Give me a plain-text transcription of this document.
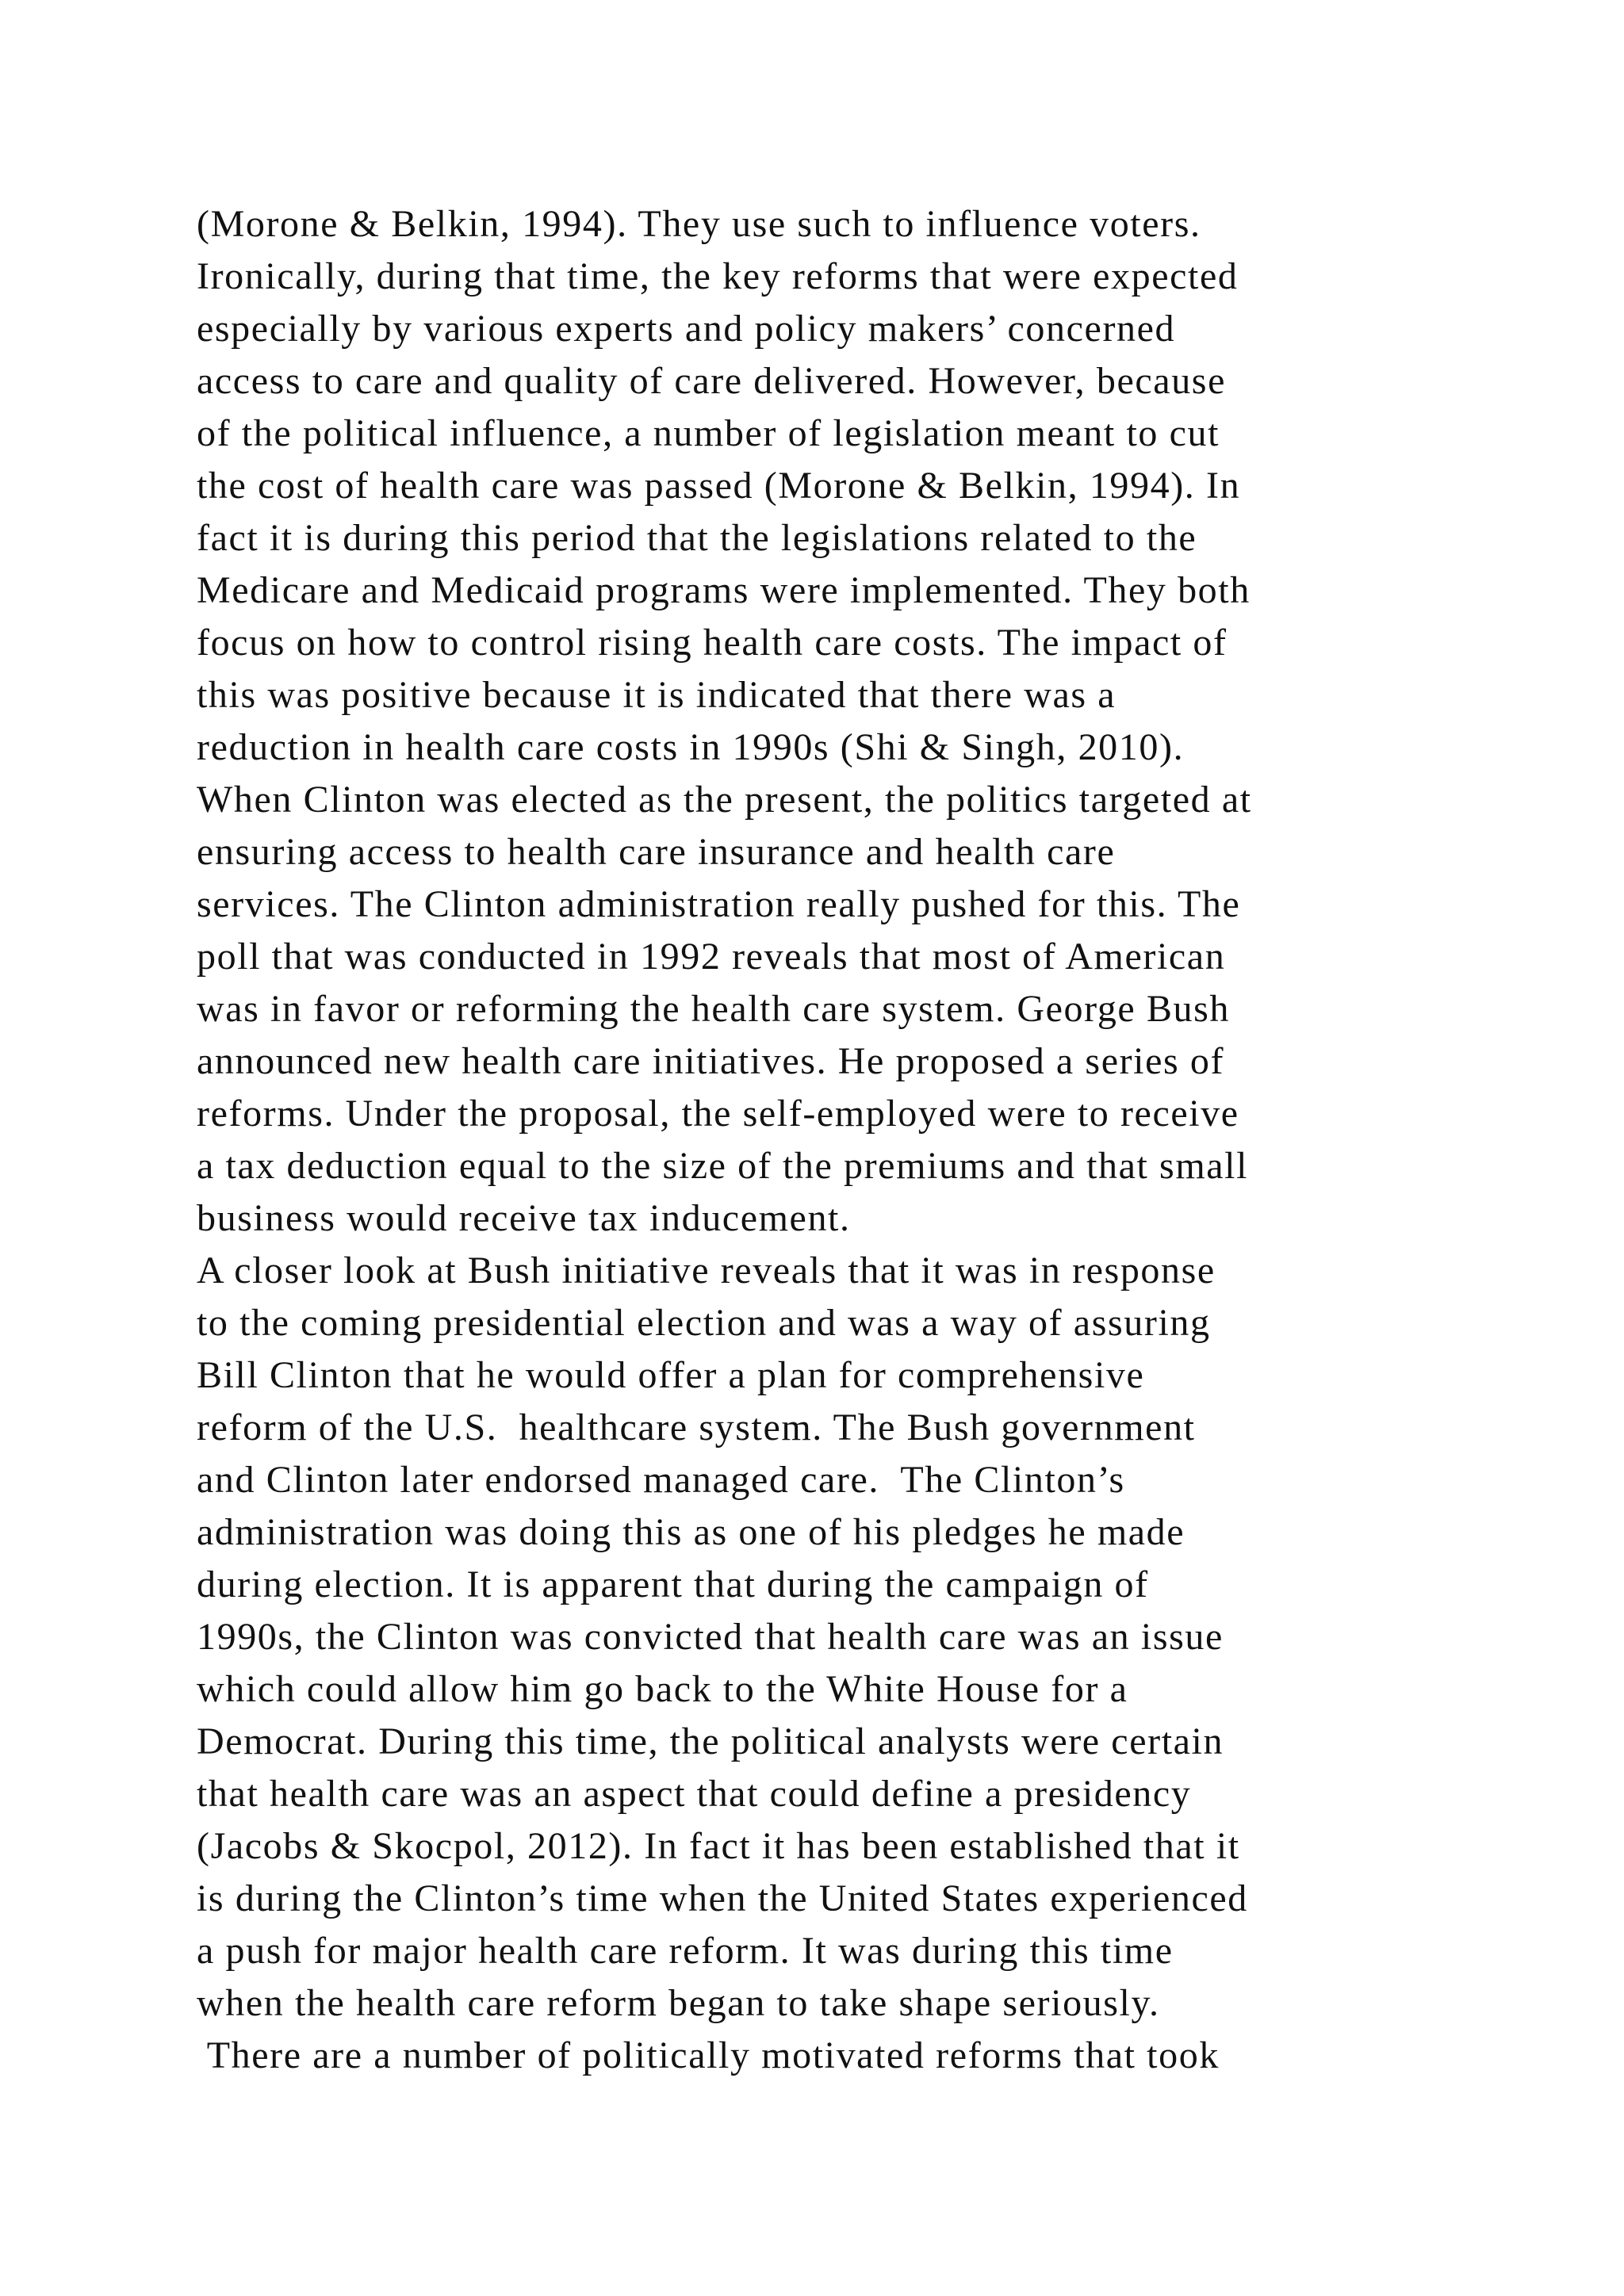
(Morone & Belkin, 1994). They use such to influence voters.
Ironically, during that time, the key reforms that were expected
especially by various experts and policy makers’ concerned
access to care and quality of care delivered. However, because
of the political influence, a number of legislation meant to cut
the cost of health care was passed (Morone & Belkin, 1994). In
fact it is during this period that the legislations related to the
Medicare and Medicaid programs were implemented. They both
focus on how to control rising health care costs. The impact of
this was positive because it is indicated that there was a
reduction in health care costs in 1990s (Shi & Singh, 2010).
When Clinton was elected as the present, the politics targeted at
ensuring access to health care insurance and health care
services. The Clinton administration really pushed for this. The
poll that was conducted in 1992 reveals that most of American
was in favor or reforming the health care system. George Bush
announced new health care initiatives. He proposed a series of
reforms. Under the proposal, the self-employed were to receive
a tax deduction equal to the size of the premiums and that small
business would receive tax inducement.
A closer look at Bush initiative reveals that it was in response
to the coming presidential election and was a way of assuring
Bill Clinton that he would offer a plan for comprehensive
reform of the U.S.  healthcare system. The Bush government
and Clinton later endorsed managed care.  The Clinton’s
administration was doing this as one of his pledges he made
during election. It is apparent that during the campaign of
1990s, the Clinton was convicted that health care was an issue
which could allow him go back to the White House for a
Democrat. During this time, the political analysts were certain
that health care was an aspect that could define a presidency
(Jacobs & Skocpol, 2012). In fact it has been established that it
is during the Clinton’s time when the United States experienced
a push for major health care reform. It was during this time
when the health care reform began to take shape seriously.
There are a number of politically motivated reforms that took
